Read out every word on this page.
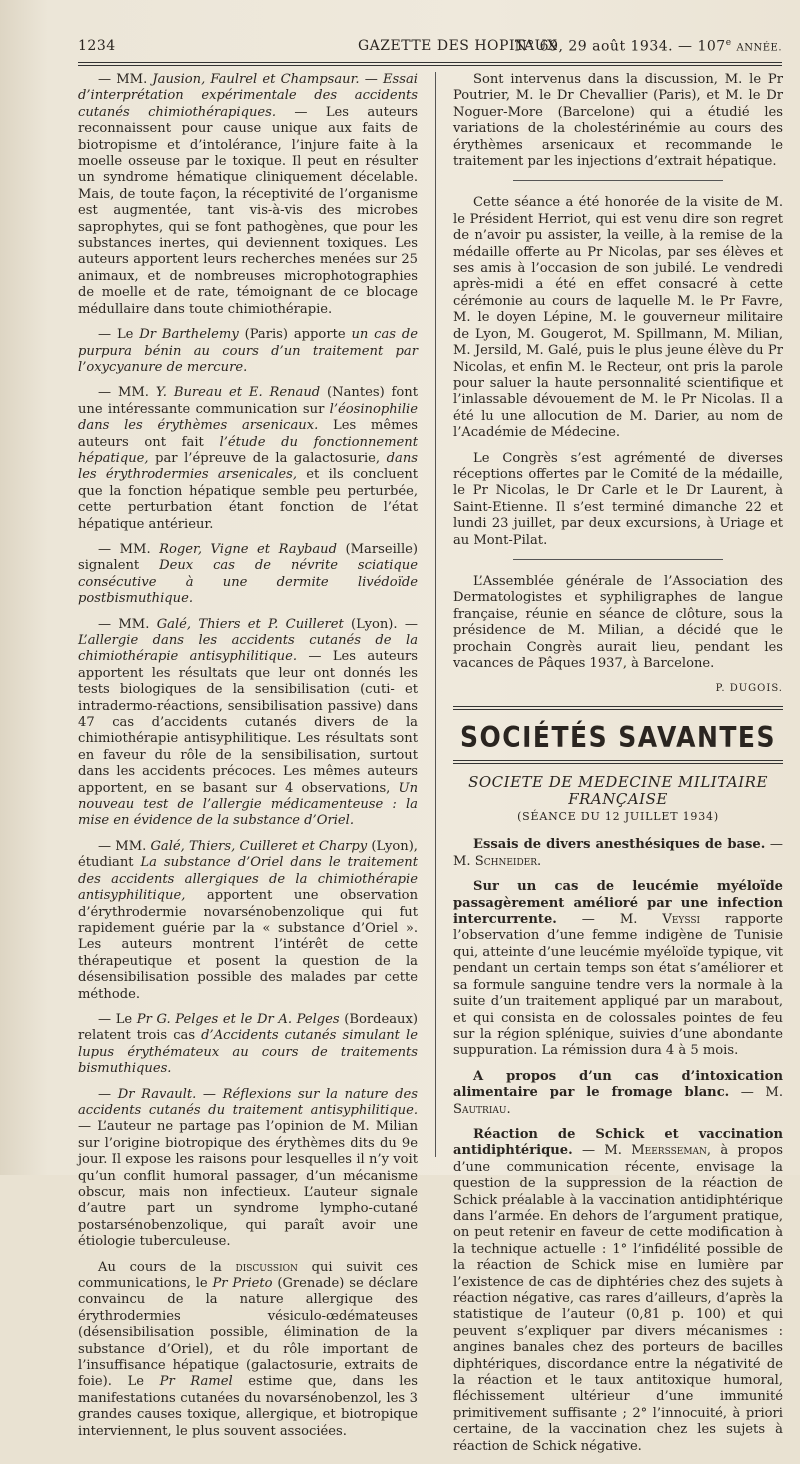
1234	GAZETTE DES HOPITAUX
N° 69, 29 août 1934. — 107e ANNÉE.

— MM. Jausion, Faulrel et Champsaur. — Essai d’interprétation expérimentale des accidents cutanés chimiothérapiques. — Les auteurs reconnaissent pour cause unique aux faits de biotropisme et d’intolérance, l’injure faite à la moelle osseuse par le toxique. Il peut en résulter un syndrome hématique cliniquement décelable. Mais, de toute façon, la réceptivité de l’organisme est augmentée, tant vis-à-vis des microbes saprophytes, qui se font pathogènes, que pour les substances inertes, qui deviennent toxiques. Les auteurs apportent leurs recherches menées sur 25 animaux, et de nombreuses microphotographies de moelle et de rate, témoignant de ce blocage médullaire dans toute chimiothérapie.

— Le Dr Barthelemy (Paris) apporte un cas de purpura bénin au cours d’un traitement par l’oxycyanure de mercure.

— MM. Y. Bureau et E. Renaud (Nantes) font une intéressante communication sur l’éosinophilie dans les érythèmes arsenicaux. Les mêmes auteurs ont fait l’étude du fonctionnement hépatique, par l’épreuve de la galactosurie, dans les érythrodermies arsenicales, et ils concluent que la fonction hépatique semble peu perturbée, cette perturbation étant fonction de l’état hépatique antérieur.

— MM. Roger, Vigne et Raybaud (Marseille) signalent Deux cas de névrite sciatique consécutive à une dermite livédoïde postbismuthique.

— MM. Galé, Thiers et P. Cuilleret (Lyon). — L’allergie dans les accidents cutanés de la chimiothérapie antisyphilitique. — Les auteurs apportent les résultats que leur ont donnés les tests biologiques de la sensibilisation (cuti- et intradermo-réactions, sensibilisation passive) dans 47 cas d’accidents cutanés divers de la chimiothérapie antisyphilitique. Les résultats sont en faveur du rôle de la sensibilisation, surtout dans les accidents précoces. Les mêmes auteurs apportent, en se basant sur 4 observations, Un nouveau test de l’allergie médicamenteuse : la mise en évidence de la substance d’Oriel.

— MM. Galé, Thiers, Cuilleret et Charpy (Lyon), étudiant La substance d’Oriel dans le traitement des accidents allergiques de la chimiothérapie antisyphilitique, apportent une observation d’érythrodermie novarsénobenzolique qui fut rapidement guérie par la « substance d’Oriel ». Les auteurs montrent l’intérêt de cette thérapeutique et posent la question de la désensibilisation possible des malades par cette méthode.

— Le Pr G. Pelges et le Dr A. Pelges (Bordeaux) relatent trois cas d’Accidents cutanés simulant le lupus érythémateux au cours de traitements bismuthiques.

— Dr Ravault. — Réflexions sur la nature des accidents cutanés du traitement antisyphilitique. — L’auteur ne partage pas l’opinion de M. Milian sur l’origine biotropique des érythèmes dits du 9e jour. Il expose les raisons pour lesquelles il n’y voit qu’un conflit humoral passager, d’un mécanisme obscur, mais non infectieux. L’auteur signale d’autre part un syndrome lympho-cutané postarsénobenzolique, qui paraît avoir une étiologie tuberculeuse.

Au cours de la discussion qui suivit ces communications, le Pr Prieto (Grenade) se déclare convaincu de la nature allergique des érythrodermies vésiculo-œdémateuses (désensibilisation possible, élimination de la substance d’Oriel), et du rôle important de l’insuffisance hépatique (galactosurie, extraits de foie). Le Pr Ramel estime que, dans les manifestations cutanées du novarsénobenzol, les 3 grandes causes toxique, allergique, et biotropique interviennent, le plus souvent associées.

Sont intervenus dans la discussion, M. le Pr Poutrier, M. le Dr Chevallier (Paris), et M. le Dr Noguer-More (Barcelone) qui a étudié les variations de la cholestérinémie au cours des érythèmes arsenicaux et recommande le traitement par les injections d’extrait hépatique.

Cette séance a été honorée de la visite de M. le Président Herriot, qui est venu dire son regret de n’avoir pu assister, la veille, à la remise de la médaille offerte au Pr Nicolas, par ses élèves et ses amis à l’occasion de son jubilé. Le vendredi après-midi a été en effet consacré à cette cérémonie au cours de laquelle M. le Pr Favre, M. le doyen Lépine, M. le gouverneur militaire de Lyon, M. Gougerot, M. Spillmann, M. Milian, M. Jersild, M. Galé, puis le plus jeune élève du Pr Nicolas, et enfin M. le Recteur, ont pris la parole pour saluer la haute personnalité scientifique et l’inlassable dévouement de M. le Pr Nicolas. Il a été lu une allocution de M. Darier, au nom de l’Académie de Médecine.

Le Congrès s’est agrémenté de diverses réceptions offertes par le Comité de la médaille, le Pr Nicolas, le Dr Carle et le Dr Laurent, à Saint-Etienne. Il s’est terminé dimanche 22 et lundi 23 juillet, par deux excursions, à Uriage et au Mont-Pilat.

L’Assemblée générale de l’Association des Dermatologistes et syphiligraphes de langue française, réunie en séance de clôture, sous la présidence de M. Milian, a décidé que le prochain Congrès aurait lieu, pendant les vacances de Pâques 1937, à Barcelone.

P. DUGOIS.

SOCIÉTÉS SAVANTES
SOCIETE DE MEDECINE MILITAIRE FRANÇAISE
(SÉANCE DU 12 JUILLET 1934)

Essais de divers anesthésiques de base. — M. Schneider.

Sur un cas de leucémie myéloïde passagèrement amélioré par une infection intercurrente. — M. Veyssi rapporte l’observation d’une femme indigène de Tunisie qui, atteinte d’une leucémie myéloïde typique, vit pendant un certain temps son état s’améliorer et sa formule sanguine tendre vers la normale à la suite d’un traitement appliqué par un marabout, et qui consista en de colossales pointes de feu sur la région splénique, suivies d’une abondante suppuration. La rémission dura 4 à 5 mois.

A propos d’un cas d’intoxication alimentaire par le fromage blanc. — M. Sautriau.

Réaction de Schick et vaccination antidiphtérique. — M. Meersseman, à propos d’une communication récente, envisage la question de la suppression de la réaction de Schick préalable à la vaccination antidiphtérique dans l’armée. En dehors de l’argument pratique, on peut retenir en faveur de cette modification à la technique actuelle : 1° l’infidélité possible de la réaction de Schick mise en lumière par l’existence de cas de diphtéries chez des sujets à réaction négative, cas rares d’ailleurs, d’après la statistique de l’auteur (0,81 p. 100) et qui peuvent s’expliquer par divers mécanismes : angines banales chez des porteurs de bacilles diphtériques, discordance entre la négativité de la réaction et le taux antitoxique humoral, fléchissement ultérieur d’une immunité primitivement suffisante ; 2° l’innocuité, à priori certaine, de la vaccination chez les sujets à réaction de Schick négative.
